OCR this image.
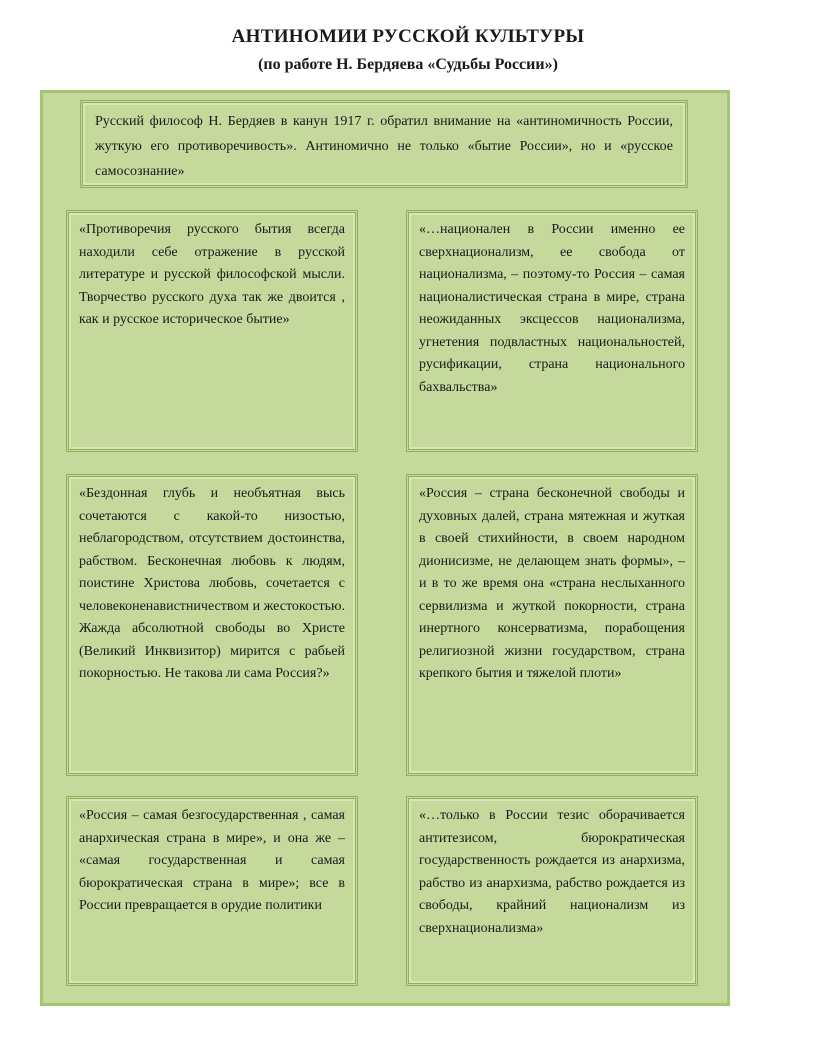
АНТИНОМИИ РУССКОЙ КУЛЬТУРЫ
(по работе Н. Бердяева «Судьбы России»)
Русский философ Н. Бердяев в канун 1917 г. обратил внимание на «антиномичность России, жуткую его противоречивость». Антиномично не только «бытие России», но и «русское самосознание»
«Противоречия русского бытия всегда находили себе отражение в русской литературе и русской философской мысли. Творчество русского духа так же двоится , как и русское историческое бытие»
«…национален в России именно ее сверхнационализм, ее свобода от национализма, – поэтому-то Россия – самая националистическая страна в мире, страна неожиданных эксцессов национализма, угнетения подвластных национальностей, русификации, страна национального бахвальства»
«Бездонная глубь и необъятная высь сочетаются с какой-то низостью, неблагородством, отсутствием достоинства, рабством. Бесконечная любовь к людям, поистине Христова любовь, сочетается с человеконенавистничеством и жестокостью. Жажда абсолютной свободы во Христе (Великий Инквизитор) мирится с рабьей покорностью. Не такова ли сама Россия?»
«Россия – страна бесконечной свободы и духовных далей, страна мятежная и жуткая в своей стихийности, в своем народном дионисизме, не делающем знать формы», – и в то же время она «страна неслыханного сервилизма и жуткой покорности, страна инертного консерватизма, порабощения религиозной жизни государством, страна крепкого бытия и тяжелой плоти»
«Россия – самая безгосударственная , самая анархическая страна в мире», и она же – «самая государственная и самая бюрократическая страна в мире»; все в России превращается в орудие политики
«…только в России тезис оборачивается антитезисом, бюрократическая государственность рождается из анархизма, рабство из анархизма, рабство рождается из свободы, крайний национализм из сверхнационализма»
